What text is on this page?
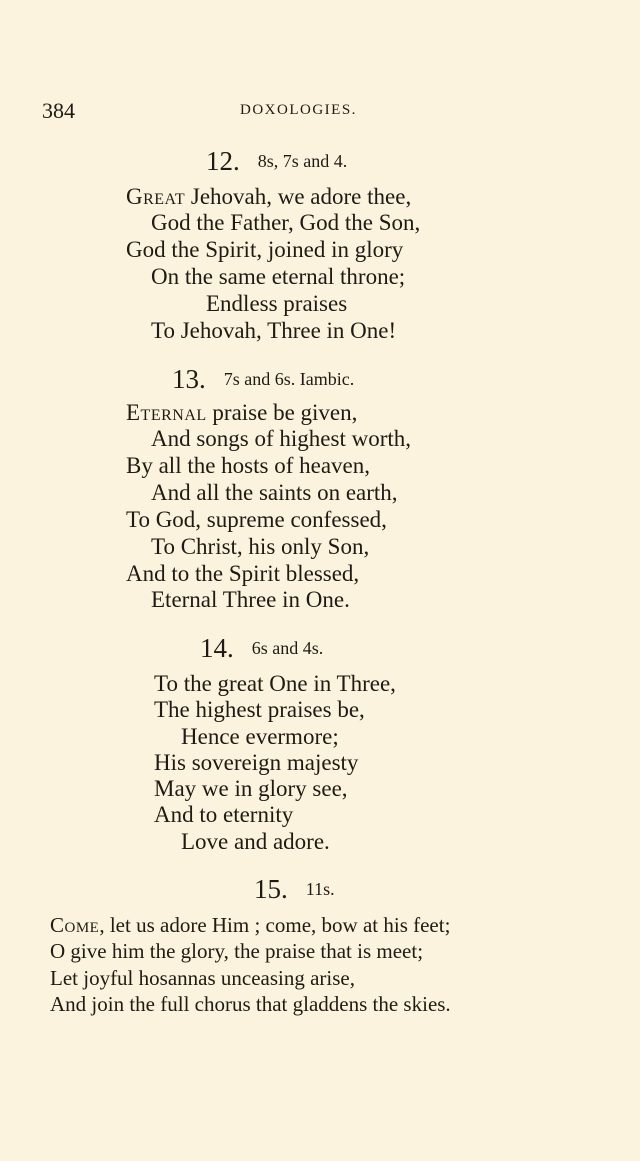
384	DOXOLOGIES.
12. 8s, 7s and 4.
Great Jehovah, we adore thee,
God the Father, God the Son,
God the Spirit, joined in glory
On the same eternal throne;
Endless praises
To Jehovah, Three in One!
13. 7s and 6s. Iambic.
Eternal praise be given,
And songs of highest worth,
By all the hosts of heaven,
And all the saints on earth,
To God, supreme confessed,
To Christ, his only Son,
And to the Spirit blessed,
Eternal Three in One.
14. 6s and 4s.
To the great One in Three,
The highest praises be,
Hence evermore;
His sovereign majesty
May we in glory see,
And to eternity
Love and adore.
15. 11s.
Come, let us adore Him ; come, bow at his feet;
O give him the glory, the praise that is meet;
Let joyful hosannas unceasing arise,
And join the full chorus that gladdens the skies.
